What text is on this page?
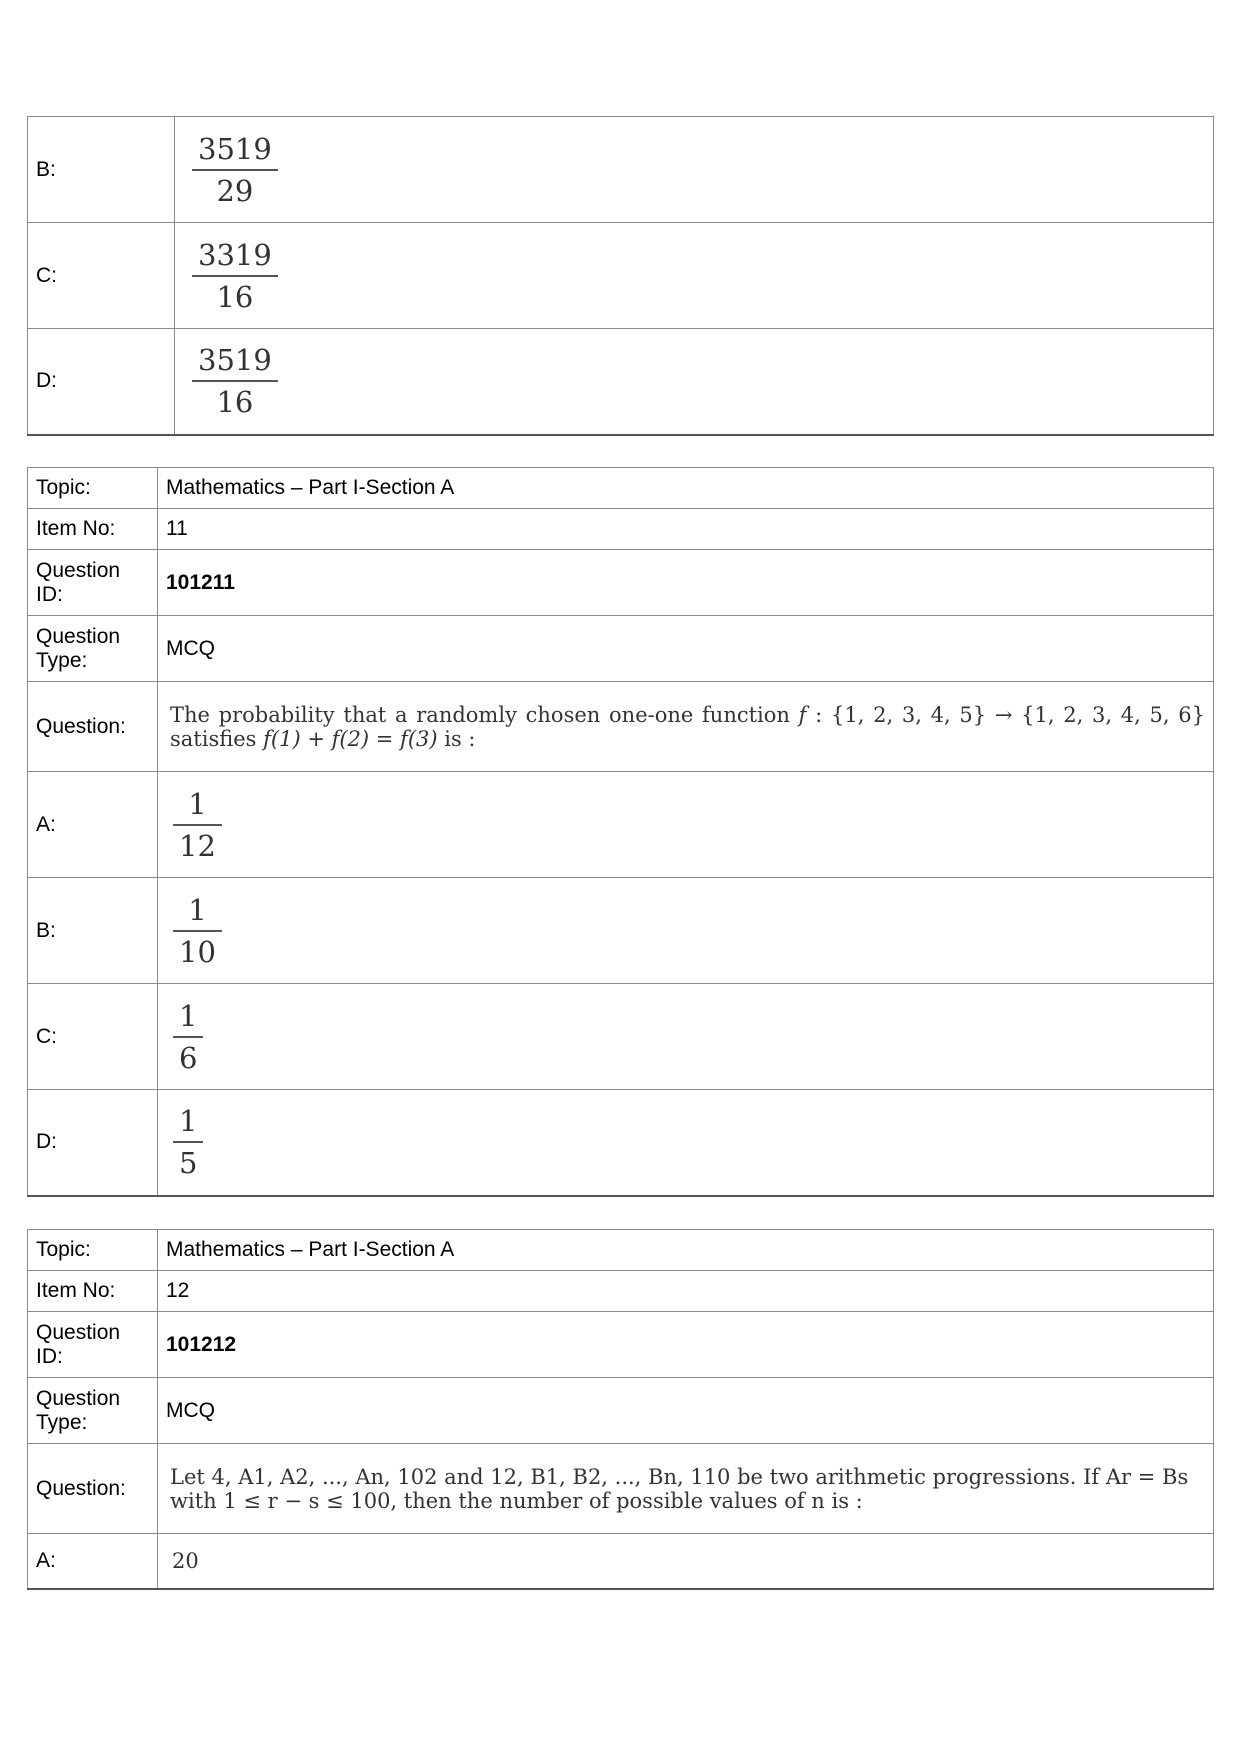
B:	$\frac{3519}{29}$

C:	$\frac{3319}{16}$

D:	$\frac{3519}{16}$
Topic:	Mathematics – Part I-Section A
Item No:	11
Question ID:	101211
Question Type:	MCQ
Question:	The probability that a randomly chosen one-one function f : {1, 2, 3, 4, 5} → {1, 2, 3, 4, 5, 6} satisfies f(1) + f(2) = f(3) is :
A:	$\frac{1}{12}$

B:	$\frac{1}{10}$

C:	$\frac{1}{6}$

D:	$\frac{1}{5}$
Topic:	Mathematics – Part I-Section A
Item No:	12
Question ID:	101212
Question Type:	MCQ
Question:	Let 4, A1, A2, ..., An, 102 and 12, B1, B2, ..., Bn, 110 be two arithmetic progressions. If Ar = Bs
with 1 ≤ r − s ≤ 100, then the number of possible values of n is :

A:	20
